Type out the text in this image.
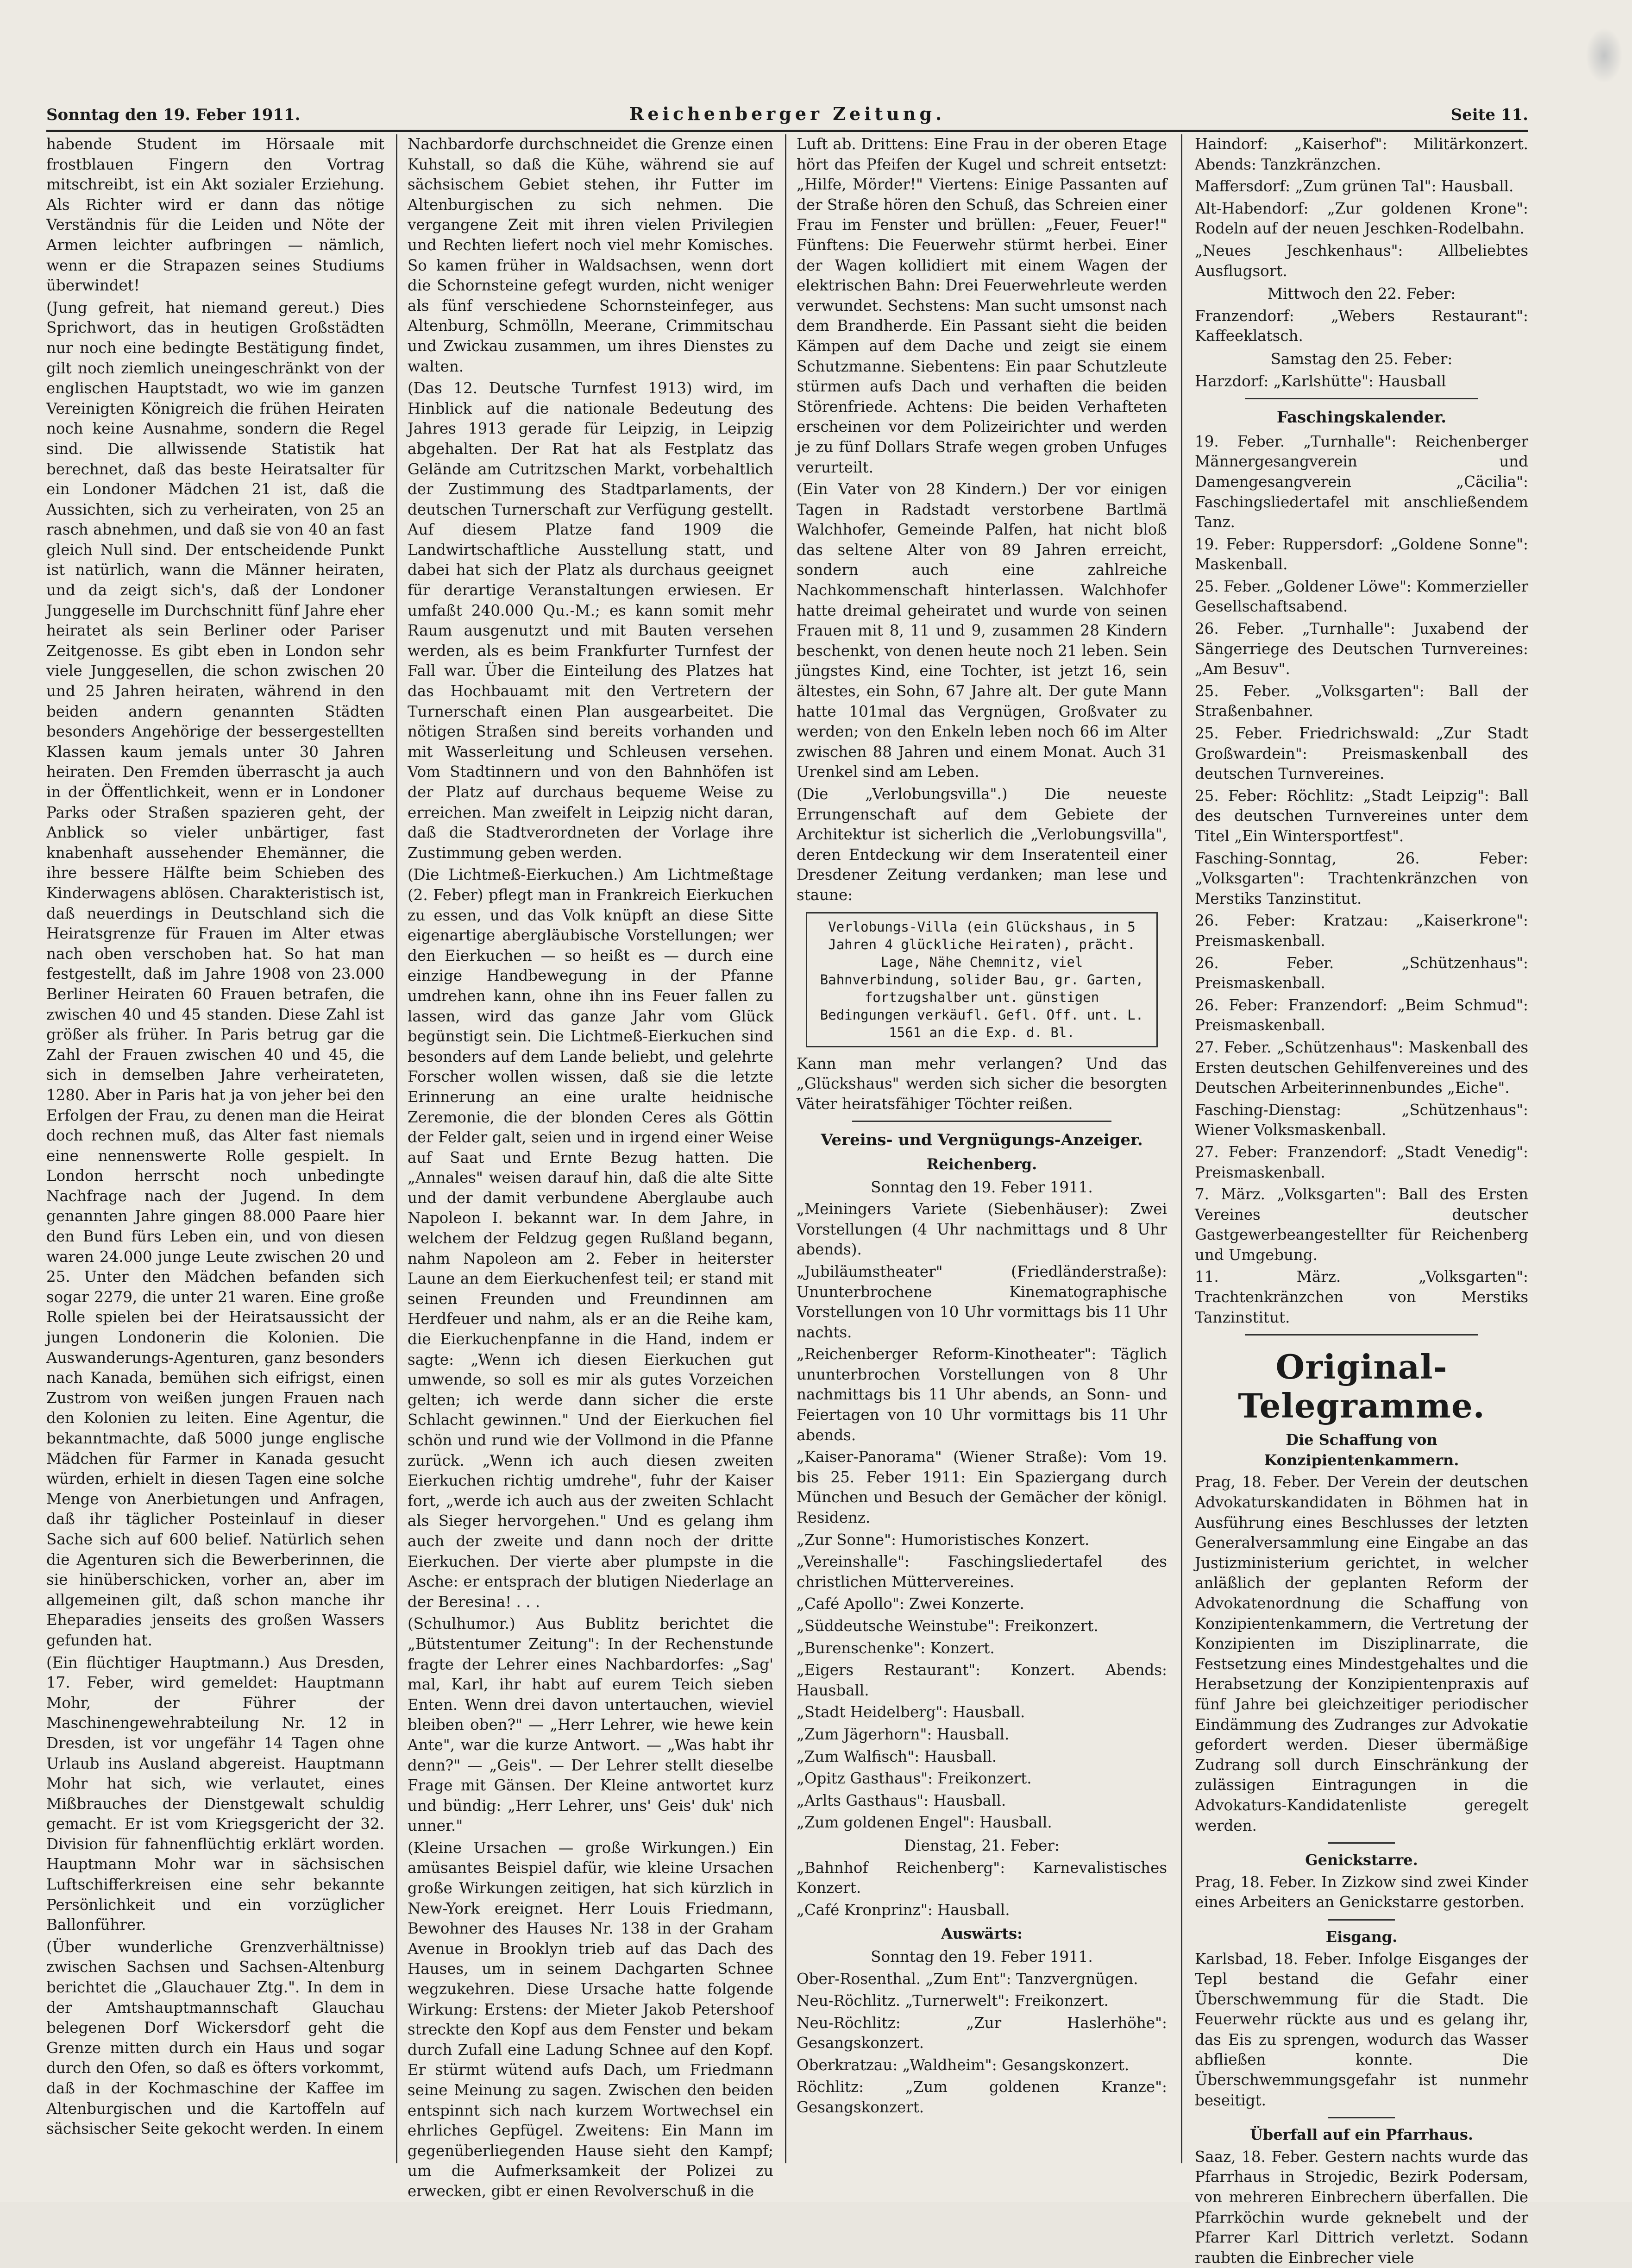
Sonntag den 19. Feber 1911.	Reichenberger Zeitung.	Seite 11.

habende Student im Hörsaale mit frostblauen Fingern den Vortrag mitschreibt, ist ein Akt sozialer Erziehung. Als Richter wird er dann das nötige Verständnis für die Leiden und Nöte der Armen leichter aufbringen — nämlich, wenn er die Strapazen seines Studiums überwindet!

(Jung gefreit, hat niemand gereut.) Dies Sprichwort, das in heutigen Großstädten nur noch eine bedingte Bestätigung findet, gilt noch ziemlich uneingeschränkt von der englischen Hauptstadt, wo wie im ganzen Vereinigten Königreich die frühen Heiraten noch keine Ausnahme, sondern die Regel sind. Die allwissende Statistik hat berechnet, daß das beste Heiratsalter für ein Londoner Mädchen 21 ist, daß die Aussichten, sich zu verheiraten, von 25 an rasch abnehmen, und daß sie von 40 an fast gleich Null sind. Der entscheidende Punkt ist natürlich, wann die Männer heiraten, und da zeigt sich's, daß der Londoner Junggeselle im Durchschnitt fünf Jahre eher heiratet als sein Berliner oder Pariser Zeitgenosse. Es gibt eben in London sehr viele Junggesellen, die schon zwischen 20 und 25 Jahren heiraten, während in den beiden andern genannten Städten besonders Angehörige der bessergestellten Klassen kaum jemals unter 30 Jahren heiraten. Den Fremden überrascht ja auch in der Öffentlichkeit, wenn er in Londoner Parks oder Straßen spazieren geht, der Anblick so vieler unbärtiger, fast knabenhaft aussehender Ehemänner, die ihre bessere Hälfte beim Schieben des Kinderwagens ablösen. Charakteristisch ist, daß neuerdings in Deutschland sich die Heiratsgrenze für Frauen im Alter etwas nach oben verschoben hat. So hat man festgestellt, daß im Jahre 1908 von 23.000 Berliner Heiraten 60 Frauen betrafen, die zwischen 40 und 45 standen. Diese Zahl ist größer als früher. In Paris betrug gar die Zahl der Frauen zwischen 40 und 45, die sich in demselben Jahre verheirateten, 1280. Aber in Paris hat ja von jeher bei den Erfolgen der Frau, zu denen man die Heirat doch rechnen muß, das Alter fast niemals eine nennenswerte Rolle gespielt. In London herrscht noch unbedingte Nachfrage nach der Jugend. In dem genannten Jahre gingen 88.000 Paare hier den Bund fürs Leben ein, und von diesen waren 24.000 junge Leute zwischen 20 und 25. Unter den Mädchen befanden sich sogar 2279, die unter 21 waren. Eine große Rolle spielen bei der Heiratsaussicht der jungen Londonerin die Kolonien. Die Auswanderungs-Agenturen, ganz besonders nach Kanada, bemühen sich eifrigst, einen Zustrom von weißen jungen Frauen nach den Kolonien zu leiten. Eine Agentur, die bekanntmachte, daß 5000 junge englische Mädchen für Farmer in Kanada gesucht würden, erhielt in diesen Tagen eine solche Menge von Anerbietungen und Anfragen, daß ihr täglicher Posteinlauf in dieser Sache sich auf 600 belief. Natürlich sehen die Agenturen sich die Bewerberinnen, die sie hinüberschicken, vorher an, aber im allgemeinen gilt, daß schon manche ihr Eheparadies jenseits des großen Wassers gefunden hat.

(Ein flüchtiger Hauptmann.) Aus Dresden, 17. Feber, wird gemeldet: Hauptmann Mohr, der Führer der Maschinengewehrabteilung Nr. 12 in Dresden, ist vor ungefähr 14 Tagen ohne Urlaub ins Ausland abgereist. Hauptmann Mohr hat sich, wie verlautet, eines Mißbrauches der Dienstgewalt schuldig gemacht. Er ist vom Kriegsgericht der 32. Division für fahnenflüchtig erklärt worden. Hauptmann Mohr war in sächsischen Luftschifferkreisen eine sehr bekannte Persönlichkeit und ein vorzüglicher Ballonführer.

(Über wunderliche Grenzverhältnisse) zwischen Sachsen und Sachsen-Altenburg berichtet die „Glauchauer Ztg.". In dem in der Amtshauptmannschaft Glauchau belegenen Dorf Wickersdorf geht die Grenze mitten durch ein Haus und sogar durch den Ofen, so daß es öfters vorkommt, daß in der Kochmaschine der Kaffee im Altenburgischen und die Kartoffeln auf sächsischer Seite gekocht werden. In einem

Nachbardorfe durchschneidet die Grenze einen Kuhstall, so daß die Kühe, während sie auf sächsischem Gebiet stehen, ihr Futter im Altenburgischen zu sich nehmen. Die vergangene Zeit mit ihren vielen Privilegien und Rechten liefert noch viel mehr Komisches. So kamen früher in Waldsachsen, wenn dort die Schornsteine gefegt wurden, nicht weniger als fünf verschiedene Schornsteinfeger, aus Altenburg, Schmölln, Meerane, Crimmitschau und Zwickau zusammen, um ihres Dienstes zu walten.

(Das 12. Deutsche Turnfest 1913) wird, im Hinblick auf die nationale Bedeutung des Jahres 1913 gerade für Leipzig, in Leipzig abgehalten. Der Rat hat als Festplatz das Gelände am Cutritzschen Markt, vorbehaltlich der Zustimmung des Stadtparlaments, der deutschen Turnerschaft zur Verfügung gestellt. Auf diesem Platze fand 1909 die Landwirtschaftliche Ausstellung statt, und dabei hat sich der Platz als durchaus geeignet für derartige Veranstaltungen erwiesen. Er umfaßt 240.000 Qu.-M.; es kann somit mehr Raum ausgenutzt und mit Bauten versehen werden, als es beim Frankfurter Turnfest der Fall war. Über die Einteilung des Platzes hat das Hochbauamt mit den Vertretern der Turnerschaft einen Plan ausgearbeitet. Die nötigen Straßen sind bereits vorhanden und mit Wasserleitung und Schleusen versehen. Vom Stadtinnern und von den Bahnhöfen ist der Platz auf durchaus bequeme Weise zu erreichen. Man zweifelt in Leipzig nicht daran, daß die Stadtverordneten der Vorlage ihre Zustimmung geben werden.

(Die Lichtmeß-Eierkuchen.) Am Lichtmeßtage (2. Feber) pflegt man in Frankreich Eierkuchen zu essen, und das Volk knüpft an diese Sitte eigenartige abergläubische Vorstellungen; wer den Eierkuchen — so heißt es — durch eine einzige Handbewegung in der Pfanne umdrehen kann, ohne ihn ins Feuer fallen zu lassen, wird das ganze Jahr vom Glück begünstigt sein. Die Lichtmeß-Eierkuchen sind besonders auf dem Lande beliebt, und gelehrte Forscher wollen wissen, daß sie die letzte Erinnerung an eine uralte heidnische Zeremonie, die der blonden Ceres als Göttin der Felder galt, seien und in irgend einer Weise auf Saat und Ernte Bezug hatten. Die „Annales" weisen darauf hin, daß die alte Sitte und der damit verbundene Aberglaube auch Napoleon I. bekannt war. In dem Jahre, in welchem der Feldzug gegen Rußland begann, nahm Napoleon am 2. Feber in heiterster Laune an dem Eierkuchenfest teil; er stand mit seinen Freunden und Freundinnen am Herdfeuer und nahm, als er an die Reihe kam, die Eierkuchenpfanne in die Hand, indem er sagte: „Wenn ich diesen Eierkuchen gut umwende, so soll es mir als gutes Vorzeichen gelten; ich werde dann sicher die erste Schlacht gewinnen." Und der Eierkuchen fiel schön und rund wie der Vollmond in die Pfanne zurück. „Wenn ich auch diesen zweiten Eierkuchen richtig umdrehe", fuhr der Kaiser fort, „werde ich auch aus der zweiten Schlacht als Sieger hervorgehen." Und es gelang ihm auch der zweite und dann noch der dritte Eierkuchen. Der vierte aber plumpste in die Asche: er entsprach der blutigen Niederlage an der Beresina! . . .

(Schulhumor.) Aus Bublitz berichtet die „Bütstentumer Zeitung": In der Rechenstunde fragte der Lehrer eines Nachbardorfes: „Sag' mal, Karl, ihr habt auf eurem Teich sieben Enten. Wenn drei davon untertauchen, wieviel bleiben oben?" — „Herr Lehrer, wie hewe kein Ante", war die kurze Antwort. — „Was habt ihr denn?" — „Geis". — Der Lehrer stellt dieselbe Frage mit Gänsen. Der Kleine antwortet kurz und bündig: „Herr Lehrer, uns' Geis' duk' nich unner."

(Kleine Ursachen — große Wirkungen.) Ein amüsantes Beispiel dafür, wie kleine Ursachen große Wirkungen zeitigen, hat sich kürzlich in New-York ereignet. Herr Louis Friedmann, Bewohner des Hauses Nr. 138 in der Graham Avenue in Brooklyn trieb auf das Dach des Hauses, um in seinem Dachgarten Schnee wegzukehren. Diese Ursache hatte folgende Wirkung: Erstens: der Mieter Jakob Petershoof streckte den Kopf aus dem Fenster und bekam durch Zufall eine Ladung Schnee auf den Kopf. Er stürmt wütend aufs Dach, um Friedmann seine Meinung zu sagen. Zwischen den beiden entspinnt sich nach kurzem Wortwechsel ein ehrliches Gepfügel. Zweitens: Ein Mann im gegenüberliegenden Hause sieht den Kampf; um die Aufmerksamkeit der Polizei zu erwecken, gibt er einen Revolverschuß in die

Luft ab. Drittens: Eine Frau in der oberen Etage hört das Pfeifen der Kugel und schreit entsetzt: „Hilfe, Mörder!" Viertens: Einige Passanten auf der Straße hören den Schuß, das Schreien einer Frau im Fenster und brüllen: „Feuer, Feuer!" Fünftens: Die Feuerwehr stürmt herbei. Einer der Wagen kollidiert mit einem Wagen der elektrischen Bahn: Drei Feuerwehrleute werden verwundet. Sechstens: Man sucht umsonst nach dem Brandherde. Ein Passant sieht die beiden Kämpen auf dem Dache und zeigt sie einem Schutzmanne. Siebentens: Ein paar Schutzleute stürmen aufs Dach und verhaften die beiden Störenfriede. Achtens: Die beiden Verhafteten erscheinen vor dem Polizeirichter und werden je zu fünf Dollars Strafe wegen groben Unfuges verurteilt.

(Ein Vater von 28 Kindern.) Der vor einigen Tagen in Radstadt verstorbene Bartlmä Walchhofer, Gemeinde Palfen, hat nicht bloß das seltene Alter von 89 Jahren erreicht, sondern auch eine zahlreiche Nachkommenschaft hinterlassen. Walchhofer hatte dreimal geheiratet und wurde von seinen Frauen mit 8, 11 und 9, zusammen 28 Kindern beschenkt, von denen heute noch 21 leben. Sein jüngstes Kind, eine Tochter, ist jetzt 16, sein ältestes, ein Sohn, 67 Jahre alt. Der gute Mann hatte 101mal das Vergnügen, Großvater zu werden; von den Enkeln leben noch 66 im Alter zwischen 88 Jahren und einem Monat. Auch 31 Urenkel sind am Leben.

(Die „Verlobungsvilla".) Die neueste Errungenschaft auf dem Gebiete der Architektur ist sicherlich die „Verlobungsvilla", deren Entdeckung wir dem Inseratenteil einer Dresdener Zeitung verdanken; man lese und staune:

Verlobungs-Villa (ein Glückshaus, in 5 Jahren 4 glückliche Heiraten), prächt. Lage, Nähe Chemnitz, viel Bahnverbindung, solider Bau, gr. Garten, fortzugshalber unt. günstigen Bedingungen verkäufl. Gefl. Off. unt. L. 1561 an die Exp. d. Bl.

Kann man mehr verlangen? Und das „Glückshaus" werden sich sicher die besorgten Väter heiratsfähiger Töchter reißen.

Vereins- und Vergnügungs-Anzeiger.
Reichenberg.
Sonntag den 19. Feber 1911.

„Meiningers Variete (Siebenhäuser): Zwei Vorstellungen (4 Uhr nachmittags und 8 Uhr abends).

„Jubiläumstheater" (Friedländerstraße): Ununterbrochene Kinematographische Vorstellungen von 10 Uhr vormittags bis 11 Uhr nachts.

„Reichenberger Reform-Kinotheater": Täglich ununterbrochen Vorstellungen von 8 Uhr nachmittags bis 11 Uhr abends, an Sonn- und Feiertagen von 10 Uhr vormittags bis 11 Uhr abends.

„Kaiser-Panorama" (Wiener Straße): Vom 19. bis 25. Feber 1911: Ein Spaziergang durch München und Besuch der Gemächer der königl. Residenz.

„Zur Sonne": Humoristisches Konzert.

„Vereinshalle": Faschingsliedertafel des christlichen Müttervereines.

„Café Apollo": Zwei Konzerte.

„Süddeutsche Weinstube": Freikonzert.

„Burenschenke": Konzert.

„Eigers Restaurant": Konzert. Abends: Hausball.

„Stadt Heidelberg": Hausball.

„Zum Jägerhorn": Hausball.

„Zum Walfisch": Hausball.

„Opitz Gasthaus": Freikonzert.

„Arlts Gasthaus": Hausball.

„Zum goldenen Engel": Hausball.

Dienstag, 21. Feber:

„Bahnhof Reichenberg": Karnevalistisches Konzert.

„Café Kronprinz": Hausball.

Auswärts:
Sonntag den 19. Feber 1911.

Ober-Rosenthal. „Zum Ent": Tanzvergnügen.

Neu-Röchlitz. „Turnerwelt": Freikonzert.

Neu-Röchlitz: „Zur Haslerhöhe": Gesangskonzert.

Oberkratzau: „Waldheim": Gesangskonzert.

Röchlitz: „Zum goldenen Kranze": Gesangskonzert.

Haindorf: „Kaiserhof": Militärkonzert. Abends: Tanzkränzchen.

Maffersdorf: „Zum grünen Tal": Hausball.

Alt-Habendorf: „Zur goldenen Krone": Rodeln auf der neuen Jeschken-Rodelbahn.

„Neues Jeschkenhaus": Allbeliebtes Ausflugsort.

Mittwoch den 22. Feber:

Franzendorf: „Webers Restaurant": Kaffeeklatsch.

Samstag den 25. Feber:

Harzdorf: „Karlshütte": Hausball

Faschingskalender.

19. Feber. „Turnhalle": Reichenberger Männergesangverein und Damengesangverein „Cäcilia": Faschingsliedertafel mit anschließendem Tanz.

19. Feber: Ruppersdorf: „Goldene Sonne": Maskenball.

25. Feber. „Goldener Löwe": Kommerzieller Gesellschaftsabend.

26. Feber. „Turnhalle": Juxabend der Sängerriege des Deutschen Turnvereines: „Am Besuv".

25. Feber. „Volksgarten": Ball der Straßenbahner.

25. Feber. Friedrichswald: „Zur Stadt Großwardein": Preismaskenball des deutschen Turnvereines.

25. Feber: Röchlitz: „Stadt Leipzig": Ball des deutschen Turnvereines unter dem Titel „Ein Wintersportfest".

Fasching-Sonntag, 26. Feber: „Volksgarten": Trachtenkränzchen von Merstiks Tanzinstitut.

26. Feber: Kratzau: „Kaiserkrone": Preismaskenball.

26. Feber. „Schützenhaus": Preismaskenball.

26. Feber: Franzendorf: „Beim Schmud": Preismaskenball.

27. Feber. „Schützenhaus": Maskenball des Ersten deutschen Gehilfenvereines und des Deutschen Arbeiterinnenbundes „Eiche".

Fasching-Dienstag: „Schützenhaus": Wiener Volksmaskenball.

27. Feber: Franzendorf: „Stadt Venedig": Preismaskenball.

7. März. „Volksgarten": Ball des Ersten Vereines deutscher Gastgewerbeangestellter für Reichenberg und Umgebung.

11. März. „Volksgarten": Trachtenkränzchen von Merstiks Tanzinstitut.

Original-Telegramme.
Die Schaffung von Konzipientenkammern.

Prag, 18. Feber. Der Verein der deutschen Advokaturskandidaten in Böhmen hat in Ausführung eines Beschlusses der letzten Generalversammlung eine Eingabe an das Justizministerium gerichtet, in welcher anläßlich der geplanten Reform der Advokatenordnung die Schaffung von Konzipientenkammern, die Vertretung der Konzipienten im Disziplinarrate, die Festsetzung eines Mindestgehaltes und die Herabsetzung der Konzipientenpraxis auf fünf Jahre bei gleichzeitiger periodischer Eindämmung des Zudranges zur Advokatie gefordert werden. Dieser übermäßige Zudrang soll durch Einschränkung der zulässigen Eintragungen in die Advokaturs-Kandidatenliste geregelt werden.

Genickstarre.

Prag, 18. Feber. In Zizkow sind zwei Kinder eines Arbeiters an Genickstarre gestorben.

Eisgang.

Karlsbad, 18. Feber. Infolge Eisganges der Tepl bestand die Gefahr einer Überschwemmung für die Stadt. Die Feuerwehr rückte aus und es gelang ihr, das Eis zu sprengen, wodurch das Wasser abfließen konnte. Die Überschwemmungsgefahr ist nunmehr beseitigt.

Überfall auf ein Pfarrhaus.

Saaz, 18. Feber. Gestern nachts wurde das Pfarrhaus in Strojedic, Bezirk Podersam, von mehreren Einbrechern überfallen. Die Pfarrköchin wurde geknebelt und der Pfarrer Karl Dittrich verletzt. Sodann raubten die Einbrecher viele
